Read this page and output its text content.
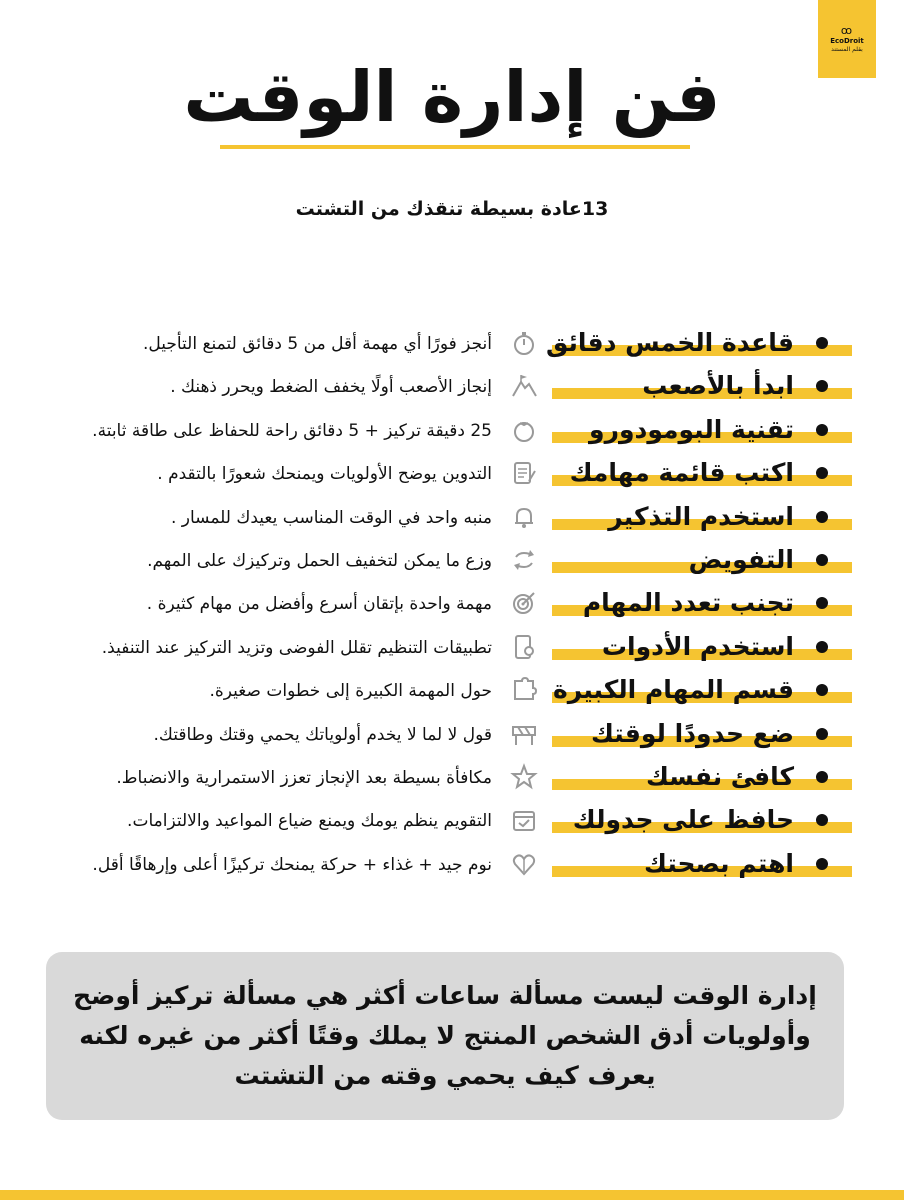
ꝏ
EcoDroit
بقلم المستند
فن إدارة الوقت
13عادة بسيطة تنقذك من التشتت
قاعدة الخمس دقائق
أنجز فورًا أي مهمة أقل من 5 دقائق لتمنع التأجيل.
ابدأ بالأصعب
إنجاز الأصعب أولًا يخفف الضغط ويحرر ذهنك .
تقنية البومودورو
25 دقيقة تركيز + 5 دقائق راحة للحفاظ على طاقة ثابتة.
اكتب قائمة مهامك
التدوين يوضح الأولويات ويمنحك شعورًا بالتقدم .
استخدم التذكير
منبه واحد في الوقت المناسب يعيدك للمسار .
التفويض
وزع ما يمكن لتخفيف الحمل وتركيزك على المهم.
تجنب تعدد المهام
مهمة واحدة بإتقان أسرع وأفضل من مهام كثيرة .
استخدم الأدوات
تطبيقات التنظيم تقلل الفوضى وتزيد التركيز عند التنفيذ.
قسم المهام الكبيرة
حول المهمة الكبيرة إلى خطوات صغيرة.
ضع حدودًا لوقتك
قول لا لما لا يخدم أولوياتك يحمي وقتك وطاقتك.
كافئ نفسك
مكافأة بسيطة بعد الإنجاز تعزز الاستمرارية والانضباط.
حافظ على جدولك
التقويم ينظم يومك ويمنع ضياع المواعيد والالتزامات.
اهتم بصحتك
نوم جيد + غذاء + حركة يمنحك تركيزًا أعلى وإرهاقًا أقل.

إدارة الوقت ليست مسألة ساعات أكثر هي مسألة تركيز أوضح وأولويات أدق الشخص المنتج لا يملك وقتًا أكثر من غيره لكنه يعرف كيف يحمي وقته من التشتت
